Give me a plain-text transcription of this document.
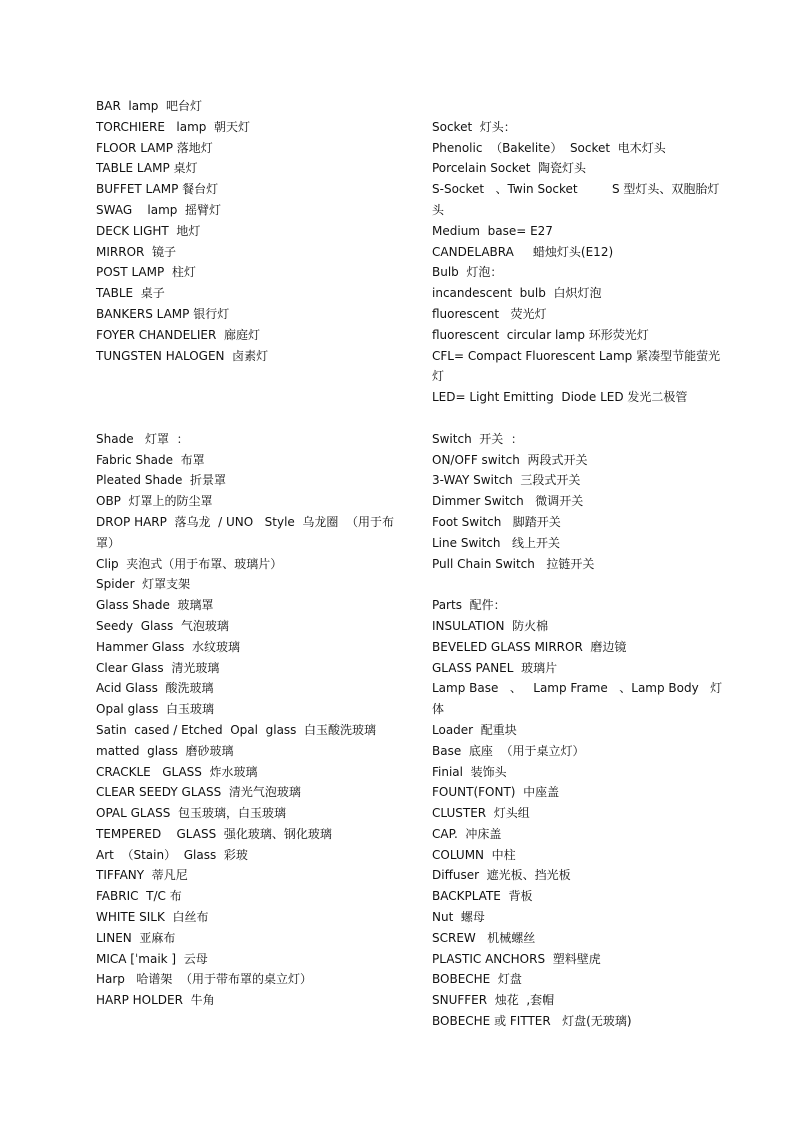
BAR  lamp  吧台灯
TORCHIERE   lamp  朝天灯
FLOOR LAMP 落地灯
TABLE LAMP 桌灯
BUFFET LAMP 餐台灯
SWAG    lamp  摇臂灯
DECK LIGHT  地灯
MIRROR  镜子
POST LAMP  柱灯
TABLE  桌子
BANKERS LAMP 银行灯
FOYER CHANDELIER  廊庭灯
TUNGSTEN HALOGEN  卤素灯
Shade   灯罩  ：
Fabric Shade  布罩
Pleated Shade  折景罩
OBP  灯罩上的防尘罩
DROP HARP  落乌龙  / UNO   Style  乌龙圈  （用于布罩）
Clip  夹泡式（用于布罩、玻璃片）
Spider  灯罩支架
Glass Shade  玻璃罩
Seedy  Glass  气泡玻璃
Hammer Glass  水纹玻璃
Clear Glass  清光玻璃
Acid Glass  酸洗玻璃
Opal glass  白玉玻璃
Satin  cased / Etched  Opal  glass  白玉酸洗玻璃
matted  glass  磨砂玻璃
CRACKLE   GLASS  炸水玻璃
CLEAR SEEDY GLASS  清光气泡玻璃
OPAL GLASS  包玉玻璃，白玉玻璃
TEMPERED    GLASS  强化玻璃、钢化玻璃
Art  （Stain）  Glass  彩玻
TIFFANY  蒂凡尼
FABRIC  T/C 布
WHITE SILK  白丝布
LINEN  亚麻布
MICA [ˈmaik ]  云母
Harp   哈谱架  （用于带布罩的桌立灯）
HARP HOLDER  牛角
Socket  灯头：
Phenolic  （Bakelite）  Socket  电木灯头
Porcelain Socket  陶瓷灯头
S-Socket   、Twin Socket         S 型灯头、双胞胎灯头
Medium  base= E27
CANDELABRA     蜡烛灯头(E12)
Bulb  灯泡：
incandescent  bulb  白炽灯泡
fluorescent   荧光灯
fluorescent  circular lamp 环形荧光灯
CFL= Compact Fluorescent Lamp 紧凑型节能萤光灯
LED= Light Emitting  Diode LED 发光二极管
Switch  开关  ：
ON/OFF switch  两段式开关
3-WAY Switch  三段式开关
Dimmer Switch   微调开关
Foot Switch   脚踏开关
Line Switch   线上开关
Pull Chain Switch   拉链开关
Parts  配件：
INSULATION  防火棉
BEVELED GLASS MIRROR  磨边镜
GLASS PANEL  玻璃片
Lamp Base   、   Lamp Frame   、Lamp Body   灯体
Loader  配重块
Base  底座  （用于桌立灯）
Finial  装饰头
FOUNT(FONT)  中座盖
CLUSTER  灯头组
CAP.  冲床盖
COLUMN  中柱
Diffuser  遮光板、挡光板
BACKPLATE  背板
Nut  螺母
SCREW   机械螺丝
PLASTIC ANCHORS  塑料壁虎
BOBECHE  灯盘
SNUFFER  烛花  ,套帽
BOBECHE 或 FITTER   灯盘(无玻璃)
